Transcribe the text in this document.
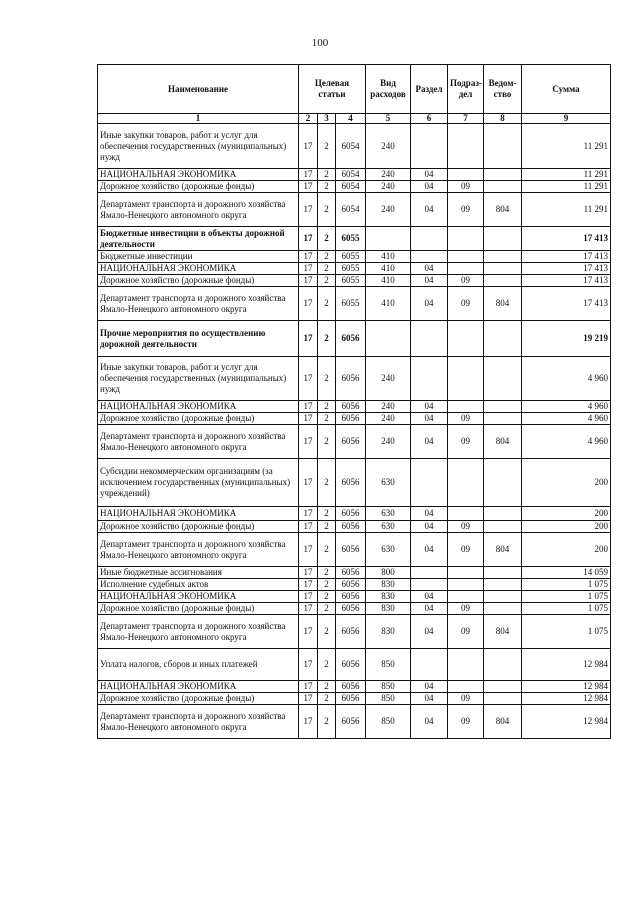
100
Наименование	Целевая статьи			Вид расходов	Раздел	Подраз-дел	Ведом-ство	Сумма
1	2	3	4	5	6	7	8	9
Иные закупки товаров, работ и услуг для обеспечения государственных (муниципальных) нужд	17	2	6054	240				11 291
НАЦИОНАЛЬНАЯ ЭКОНОМИКА	17	2	6054	240	04			11 291
Дорожное хозяйство (дорожные фонды)	17	2	6054	240	04	09		11 291
Департамент транспорта и дорожного хозяйства Ямало-Ненецкого автономного округа	17	2	6054	240	04	09	804	11 291
Бюджетные инвестиции в объекты дорожной деятельности	17	2	6055					17 413
Бюджетные инвестиции	17	2	6055	410				17 413
НАЦИОНАЛЬНАЯ ЭКОНОМИКА	17	2	6055	410	04			17 413
Дорожное хозяйство (дорожные фонды)	17	2	6055	410	04	09		17 413
Департамент транспорта и дорожного хозяйства Ямало-Ненецкого автономного округа	17	2	6055	410	04	09	804	17 413
Прочие мероприятия по осуществлению дорожной деятельности	17	2	6056					19 219
Иные закупки товаров, работ и услуг для обеспечения государственных (муниципальных) нужд	17	2	6056	240				4 960
НАЦИОНАЛЬНАЯ ЭКОНОМИКА	17	2	6056	240	04			4 960
Дорожное хозяйство (дорожные фонды)	17	2	6056	240	04	09		4 960
Департамент транспорта и дорожного хозяйства Ямало-Ненецкого автономного округа	17	2	6056	240	04	09	804	4 960
Субсидии некоммерческим организациям (за исключением государственных (муниципальных) учреждений)	17	2	6056	630				200
НАЦИОНАЛЬНАЯ ЭКОНОМИКА	17	2	6056	630	04			200
Дорожное хозяйство (дорожные фонды)	17	2	6056	630	04	09		200
Департамент транспорта и дорожного хозяйства Ямало-Ненецкого автономного округа	17	2	6056	630	04	09	804	200
Иные бюджетные ассигнования	17	2	6056	800				14 059
Исполнение судебных актов	17	2	6056	830				1 075
НАЦИОНАЛЬНАЯ ЭКОНОМИКА	17	2	6056	830	04			1 075
Дорожное хозяйство (дорожные фонды)	17	2	6056	830	04	09		1 075
Департамент транспорта и дорожного хозяйства Ямало-Ненецкого автономного округа	17	2	6056	830	04	09	804	1 075
Уплата налогов, сборов и иных платежей	17	2	6056	850				12 984
НАЦИОНАЛЬНАЯ ЭКОНОМИКА	17	2	6056	850	04			12 984
Дорожное хозяйство (дорожные фонды)	17	2	6056	850	04	09		12 984
Департамент транспорта и дорожного хозяйства Ямало-Ненецкого автономного округа	17	2	6056	850	04	09	804	12 984
